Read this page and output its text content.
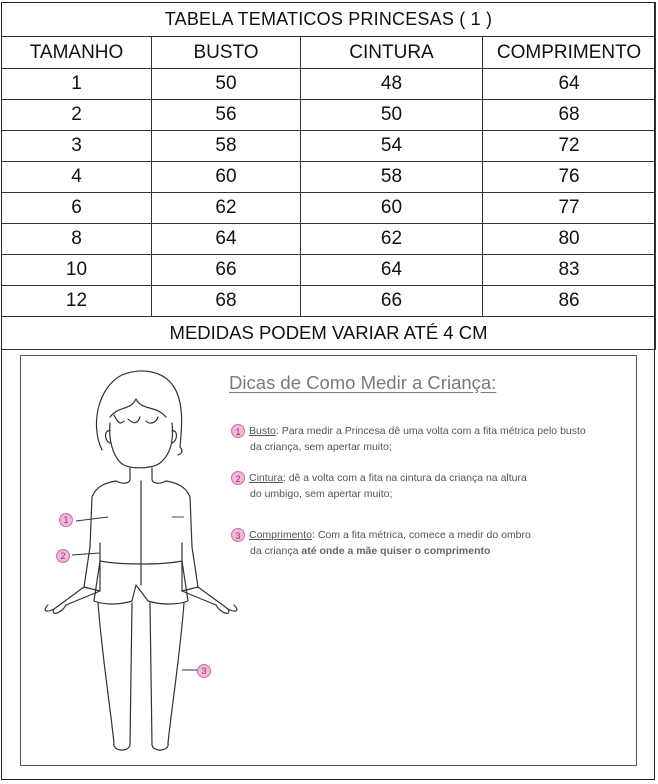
TABELA TEMATICOS PRINCESAS ( 1 )			
TAMANHO	BUSTO	CINTURA	COMPRIMENTO
1	50	48	64
2	56	50	68
3	58	54	72
4	60	58	76
6	62	60	77
8	64	62	80
10	66	64	83
12	68	66	86
MEDIDAS PODEM VARIAR ATÉ 4 CM			
1
2
3
Dicas de Como Medir a Criança:
1 Busto: Para medir a Princesa dê uma volta com a fita métrica pelo busto
da criança, sem apertar muito;
2 Cintura: dê a volta com a fita na cintura da criança na altura
do umbigo, sem apertar muito;
3 Comprimento: Com a fita métrica, comece a medir do ombro
da criança até onde a mãe quiser o comprimento
